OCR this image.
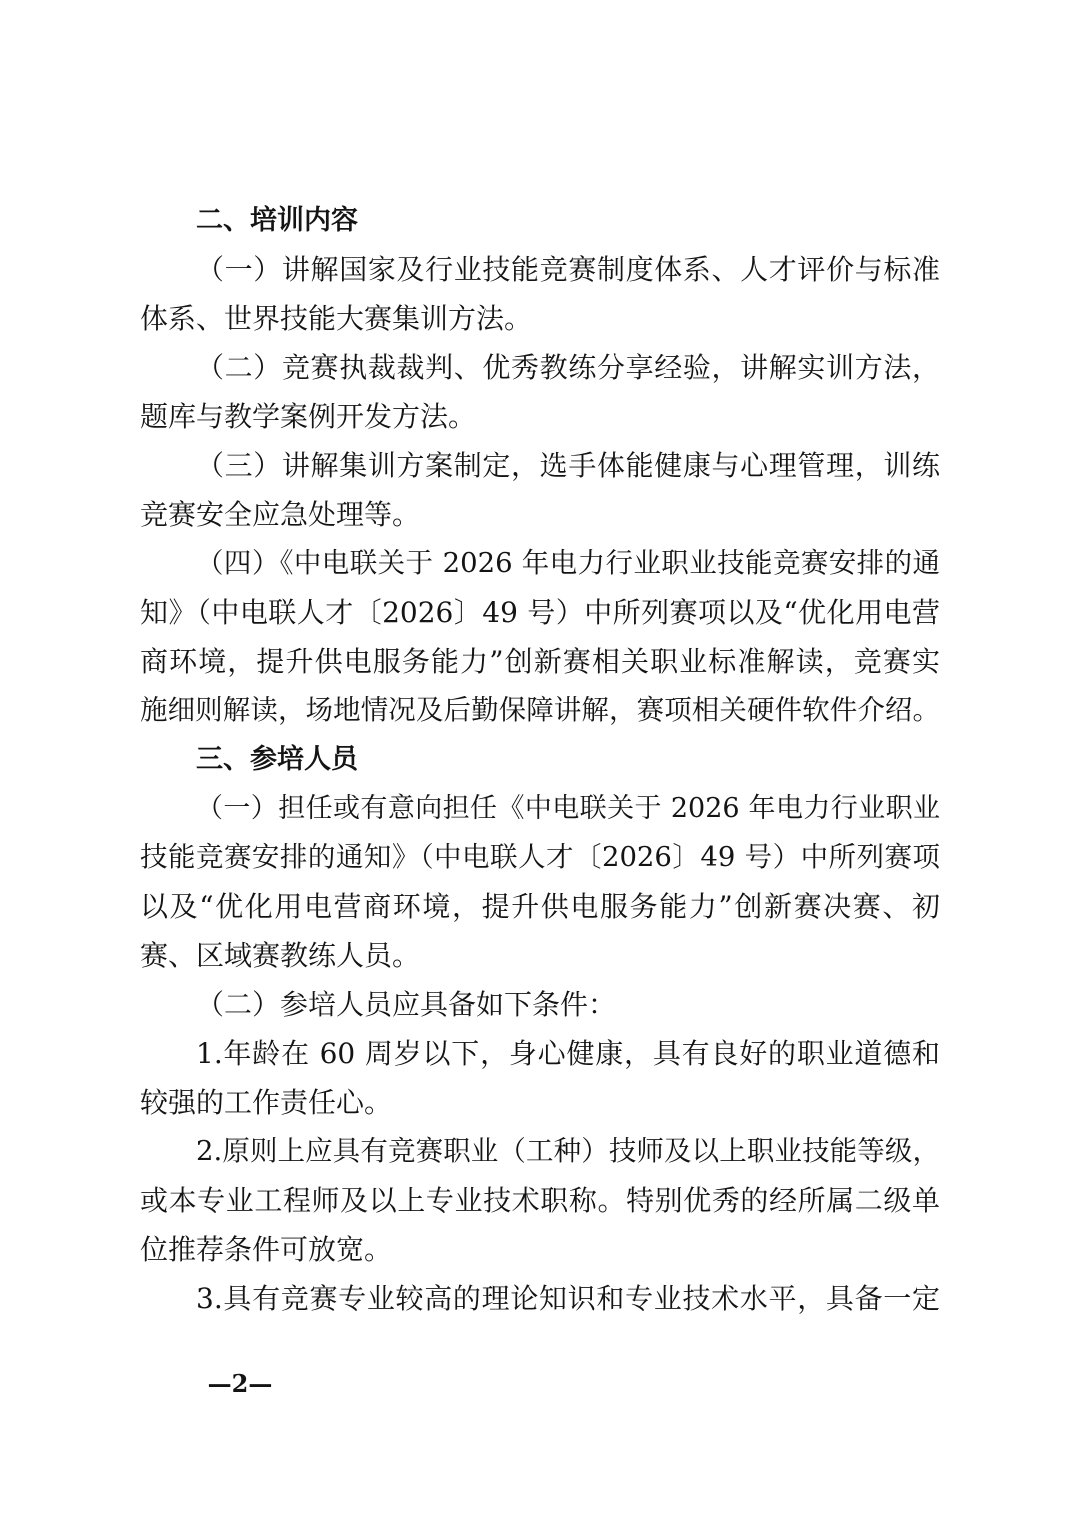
二、培训内容
（一）讲解国家及行业技能竞赛制度体系、人才评价与标准
体系、世界技能大赛集训方法。
（二）竞赛执裁裁判、优秀教练分享经验，讲解实训方法，
题库与教学案例开发方法。
（三）讲解集训方案制定，选手体能健康与心理管理，训练
竞赛安全应急处理等。
（四）《中电联关于 2026 年电力行业职业技能竞赛安排的通
知》（中电联人才〔2026〕49 号）中所列赛项以及“优化用电营
商环境，提升供电服务能力”创新赛相关职业标准解读，竞赛实
施细则解读，场地情况及后勤保障讲解，赛项相关硬件软件介绍。
三、参培人员
（一）担任或有意向担任《中电联关于 2026 年电力行业职业
技能竞赛安排的通知》（中电联人才〔2026〕49 号）中所列赛项
以及“优化用电营商环境，提升供电服务能力”创新赛决赛、初
赛、区域赛教练人员。
（二）参培人员应具备如下条件：
1.年龄在 60 周岁以下，身心健康，具有良好的职业道德和
较强的工作责任心。
2.原则上应具有竞赛职业（工种）技师及以上职业技能等级，
或本专业工程师及以上专业技术职称。特别优秀的经所属二级单
位推荐条件可放宽。
3.具有竞赛专业较高的理论知识和专业技术水平，具备一定
—2—
